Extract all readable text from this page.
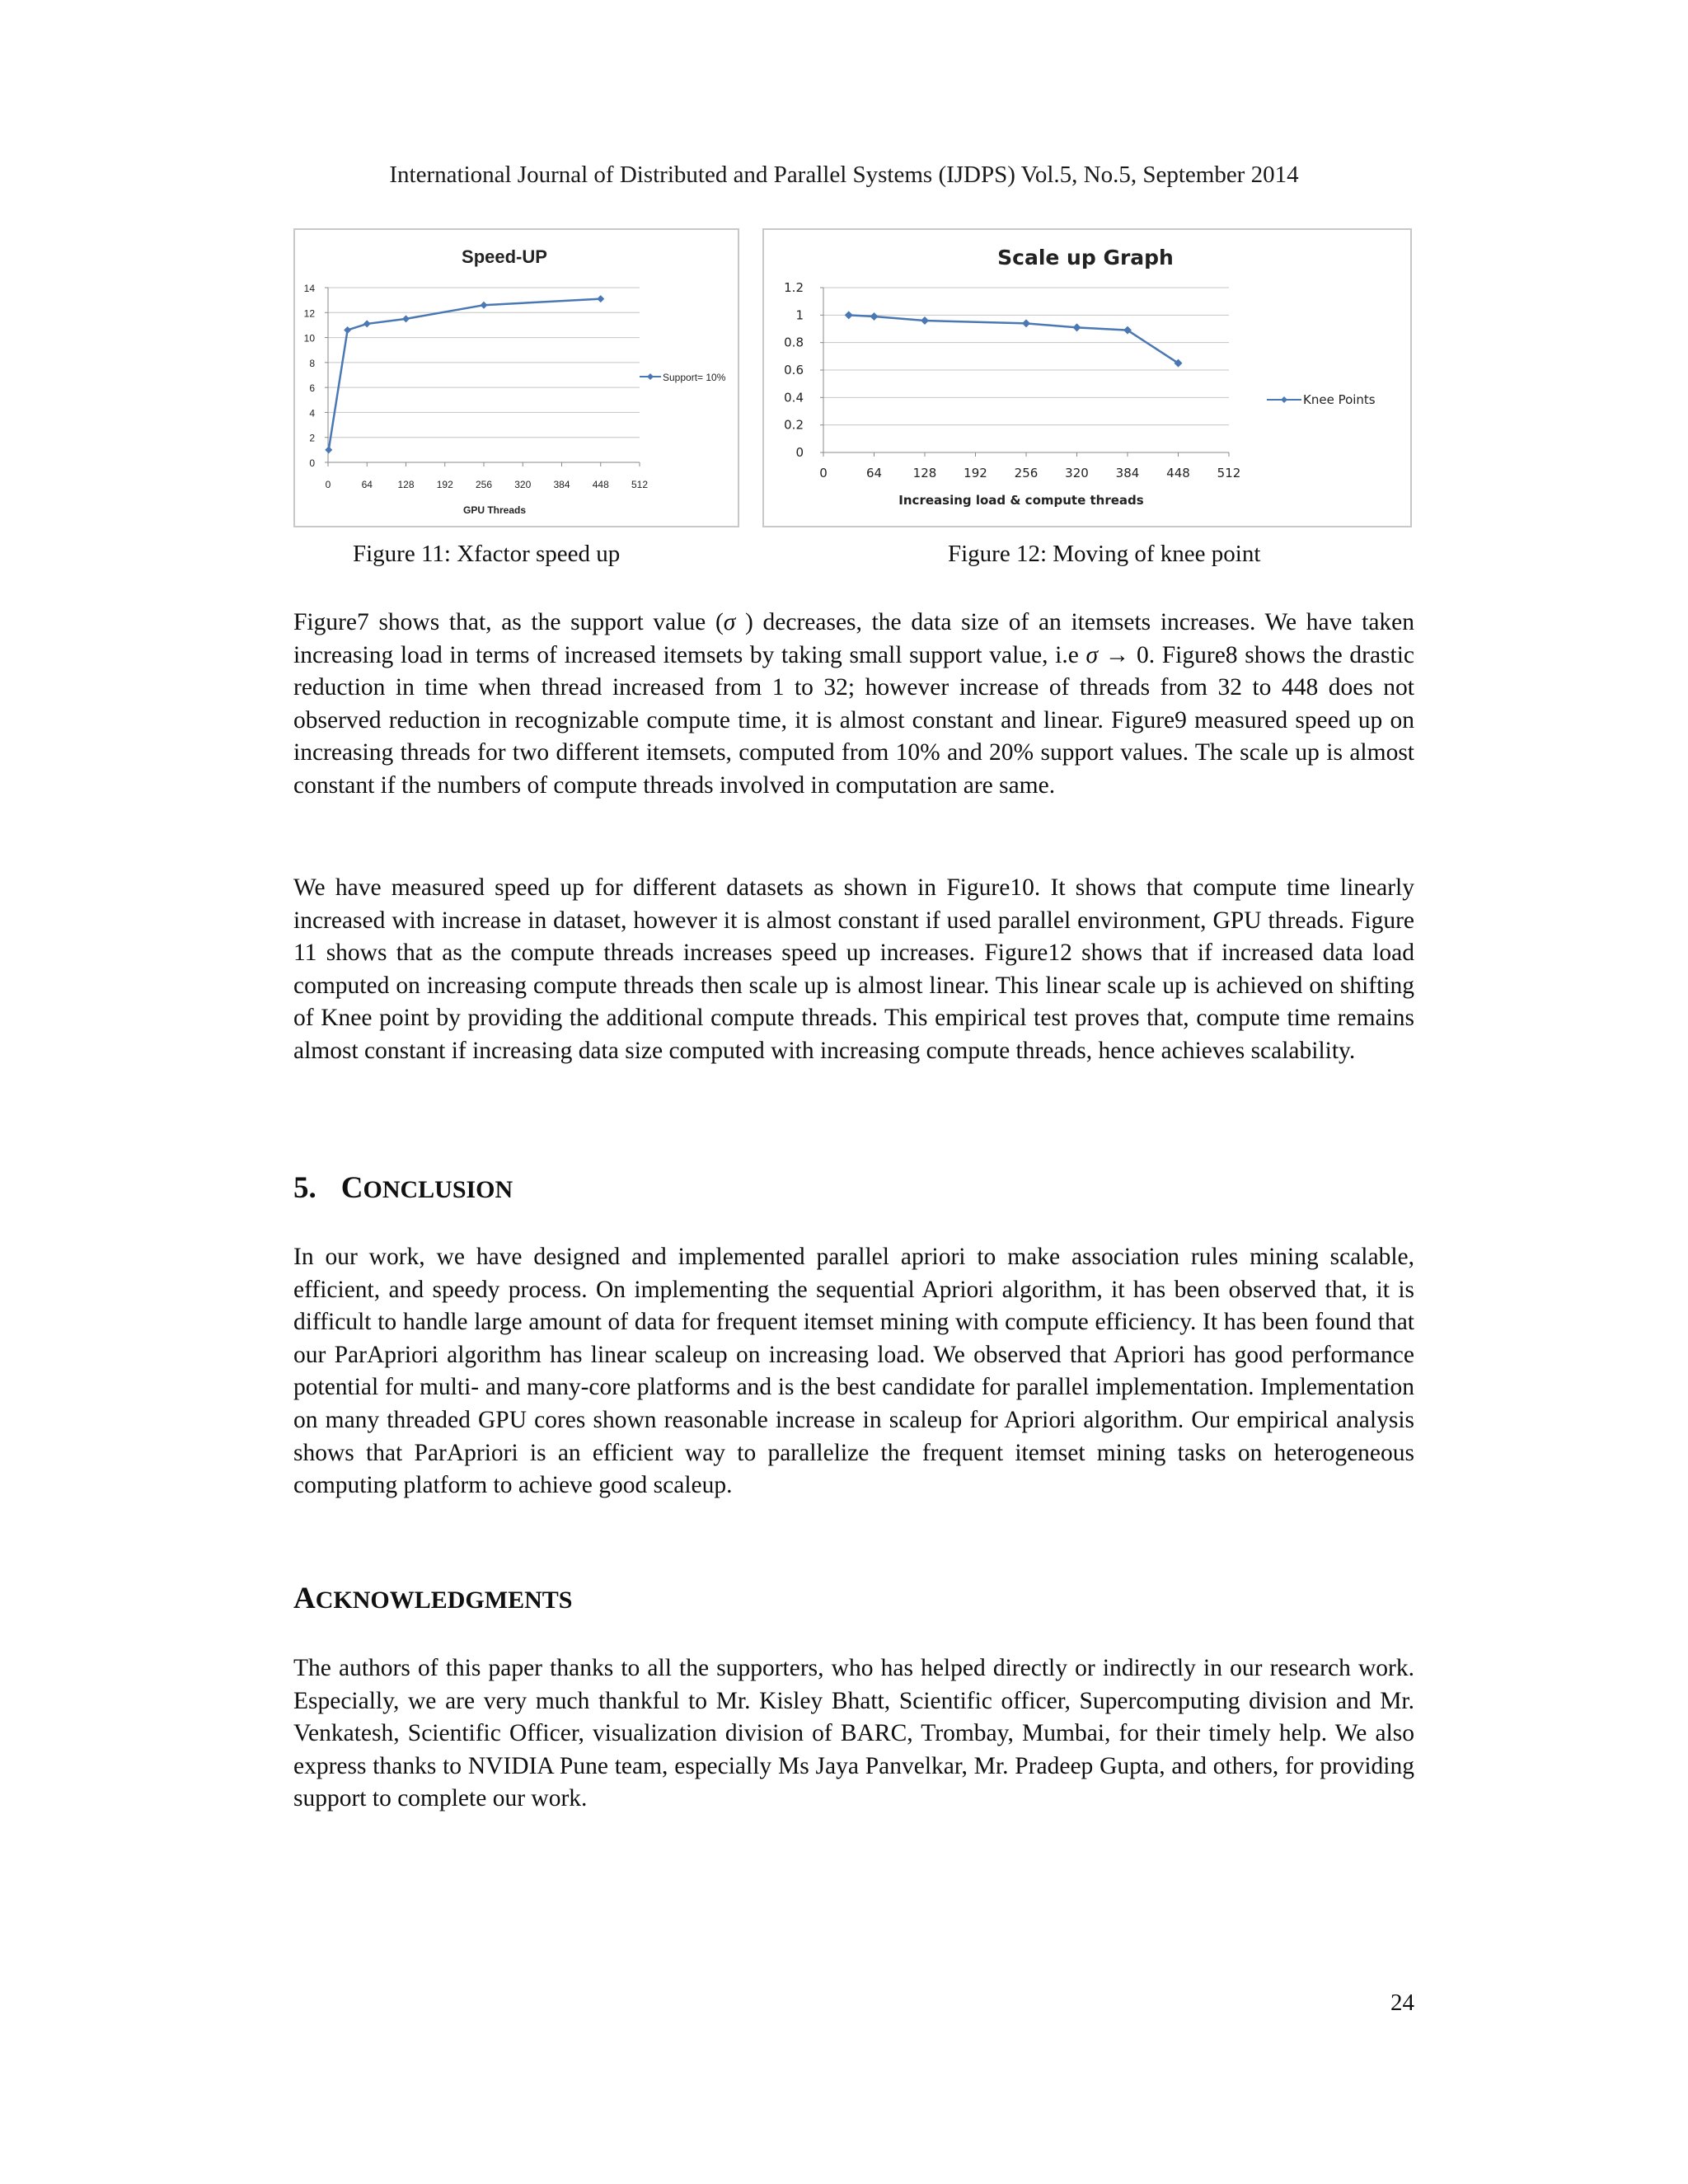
International Journal of Distributed and Parallel Systems (IJDPS) Vol.5, No.5, September 2014
Speed-UP
0
2
4
6
8
10
12
14
0	64	128 192 256 320 384 448 512
GPU Threads
Support= 10%
Scale up Graph
0
0.2
0.4
0.6
0.8
1
1.2
0	64	128 192 256 320 384 448 512
Increasing load & compute threads
Knee Points
Figure 11: Xfactor speed up	Figure 12: Moving of knee point

Figure7 shows that, as the support value (σ ) decreases, the data size of an itemsets increases. We have taken increasing load in terms of increased itemsets by taking small support value, i.e σ → 0. Figure8 shows the drastic reduction in time when thread increased from 1 to 32; however increase of threads from 32 to 448 does not observed reduction in recognizable compute time, it is almost constant and linear. Figure9 measured speed up on increasing threads for two different itemsets, computed from 10% and 20% support values. The scale up is almost constant if the numbers of compute threads involved in computation are same.

We have measured speed up for different datasets as shown in Figure10. It shows that compute time linearly increased with increase in dataset, however it is almost constant if used parallel environment, GPU threads. Figure 11 shows that as the compute threads increases speed up increases. Figure12 shows that if increased data load computed on increasing compute threads then scale up is almost linear. This linear scale up is achieved on shifting of Knee point by providing the additional compute threads. This empirical test proves that, compute time remains almost constant if increasing data size computed with increasing compute threads, hence achieves scalability.

5. CONCLUSION

In our work, we have designed and implemented parallel apriori to make association rules mining scalable, efficient, and speedy process. On implementing the sequential Apriori algorithm, it has been observed that, it is difficult to handle large amount of data for frequent itemset mining with compute efficiency. It has been found that our ParApriori algorithm has linear scaleup on increasing load. We observed that Apriori has good performance potential for multi- and many-core platforms and is the best candidate for parallel implementation. Implementation on many threaded GPU cores shown reasonable increase in scaleup for Apriori algorithm. Our empirical analysis shows that ParApriori is an efficient way to parallelize the frequent itemset mining tasks on heterogeneous computing platform to achieve good scaleup.

ACKNOWLEDGMENTS

The authors of this paper thanks to all the supporters, who has helped directly or indirectly in our research work. Especially, we are very much thankful to Mr. Kisley Bhatt, Scientific officer, Supercomputing division and Mr. Venkatesh, Scientific Officer, visualization division of BARC, Trombay, Mumbai, for their timely help. We also express thanks to NVIDIA Pune team, especially Ms Jaya Panvelkar, Mr. Pradeep Gupta, and others, for providing support to complete our work.

24
